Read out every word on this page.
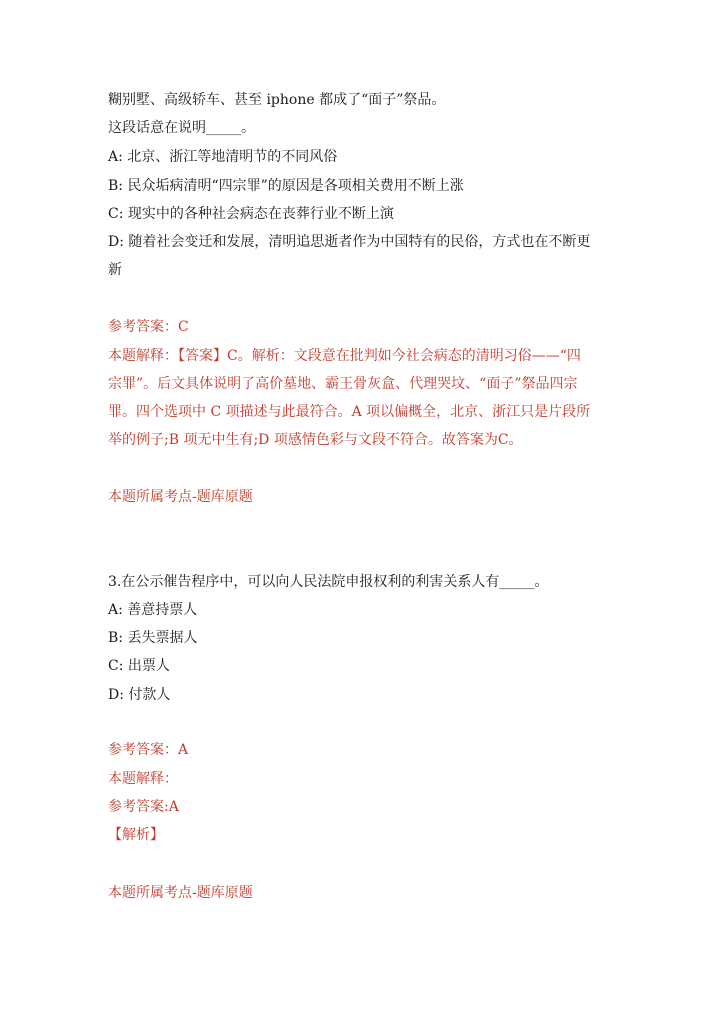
糊别墅、高级轿车、甚至 iphone 都成了“面子”祭品。
这段话意在说明_____。
A: 北京、浙江等地清明节的不同风俗
B: 民众垢病清明“四宗罪”的原因是各项相关费用不断上涨
C: 现实中的各种社会病态在丧葬行业不断上演
D: 随着社会变迁和发展，清明追思逝者作为中国特有的民俗，方式也在不断更
新
参考答案：C
本题解释：【答案】C。解析：文段意在批判如今社会病态的清明习俗——“四
宗罪”。后文具体说明了高价墓地、霸王骨灰盒、代理哭坟、“面子”祭品四宗
罪。四个选项中 C 项描述与此最符合。A 项以偏概全，北京、浙江只是片段所
举的例子;B 项无中生有;D 项感情色彩与文段不符合。故答案为C。
本题所属考点-题库原题
3.在公示催告程序中，可以向人民法院申报权利的利害关系人有_____。
A: 善意持票人
B: 丢失票据人
C: 出票人
D: 付款人
参考答案：A
本题解释：
参考答案:A
【解析】
本题所属考点-题库原题
